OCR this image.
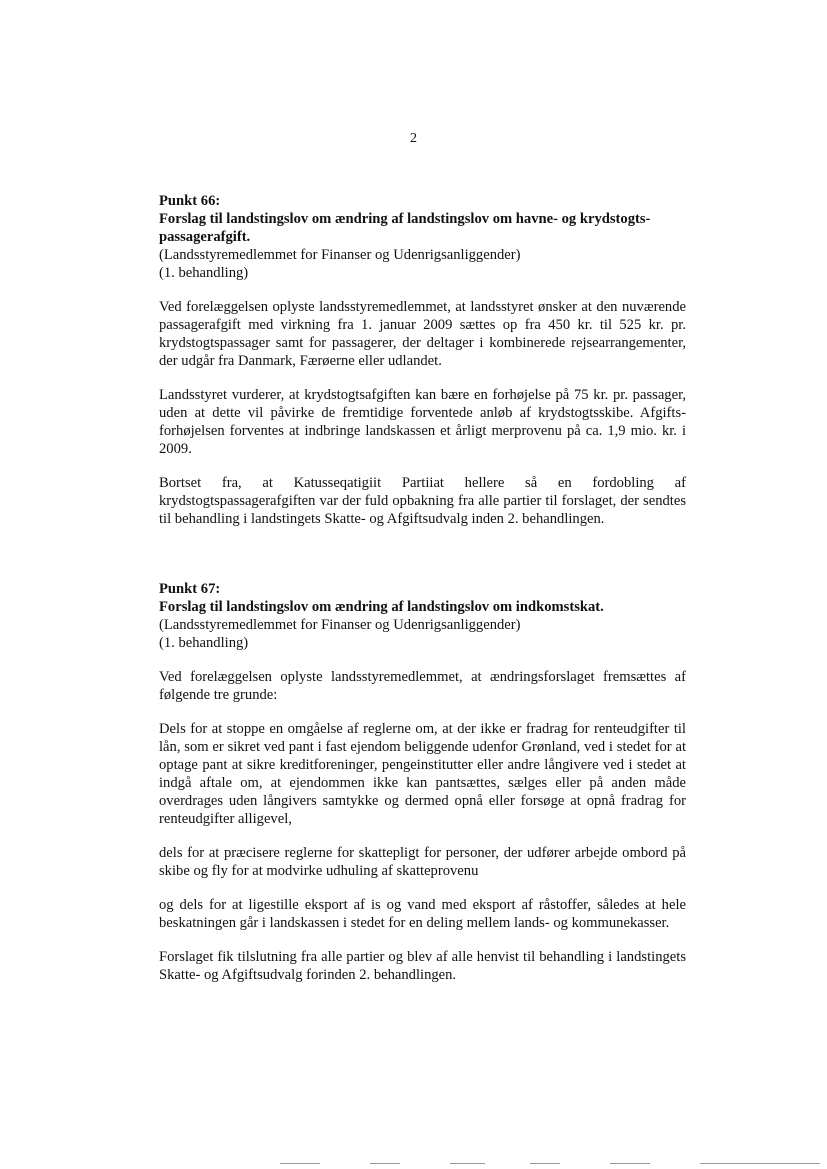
2

Punkt 66:

Forslag til landstingslov om ændring af landstingslov om havne- og krydstogts-passagerafgift.

(Landsstyremedlemmet for Finanser og Udenrigsanliggender)

(1. behandling)

Ved forelæggelsen oplyste landsstyremedlemmet, at landsstyret ønsker at den nuværende passagerafgift med virkning fra 1. januar 2009 sættes op fra 450 kr. til 525 kr. pr. krydstogtspassager samt for passagerer, der deltager i kombinerede rejsearrangementer, der udgår fra Danmark, Færøerne eller udlandet.

Landsstyret vurderer, at krydstogtsafgiften kan bære en forhøjelse på 75 kr. pr. passager, uden at dette vil påvirke de fremtidige forventede anløb af krydstogtsskibe. Afgifts-forhøjelsen forventes at indbringe landskassen et årligt merprovenu på ca. 1,9 mio. kr. i 2009.

Bortset fra, at Katusseqatigiit Partiiat hellere så en fordobling af krydstogtspassagerafgiften var der fuld opbakning fra alle partier til forslaget, der sendtes til behandling i landstingets Skatte- og Afgiftsudvalg inden 2. behandlingen.

Punkt 67:

Forslag til landstingslov om ændring af landstingslov om indkomstskat.

(Landsstyremedlemmet for Finanser og Udenrigsanliggender)

(1. behandling)

Ved forelæggelsen oplyste landsstyremedlemmet, at ændringsforslaget fremsættes af følgende tre grunde:

Dels for at stoppe en omgåelse af reglerne om, at der ikke er fradrag for renteudgifter til lån, som er sikret ved pant i fast ejendom beliggende udenfor Grønland, ved i stedet for at optage pant at sikre kreditforeninger, pengeinstitutter eller andre långivere ved i stedet at indgå aftale om, at ejendommen ikke kan pantsættes, sælges eller på anden måde overdrages uden långivers samtykke og dermed opnå eller forsøge at opnå fradrag for renteudgifter alligevel,

dels for at præcisere reglerne for skattepligt for personer, der udfører arbejde ombord på skibe og fly for at modvirke udhuling af skatteprovenu

og dels for at ligestille eksport af is og vand med eksport af råstoffer, således at hele beskatningen går i landskassen i stedet for en deling mellem lands- og kommunekasser.

Forslaget fik tilslutning fra alle partier og blev af alle henvist til behandling i landstingets Skatte- og Afgiftsudvalg forinden 2. behandlingen.
